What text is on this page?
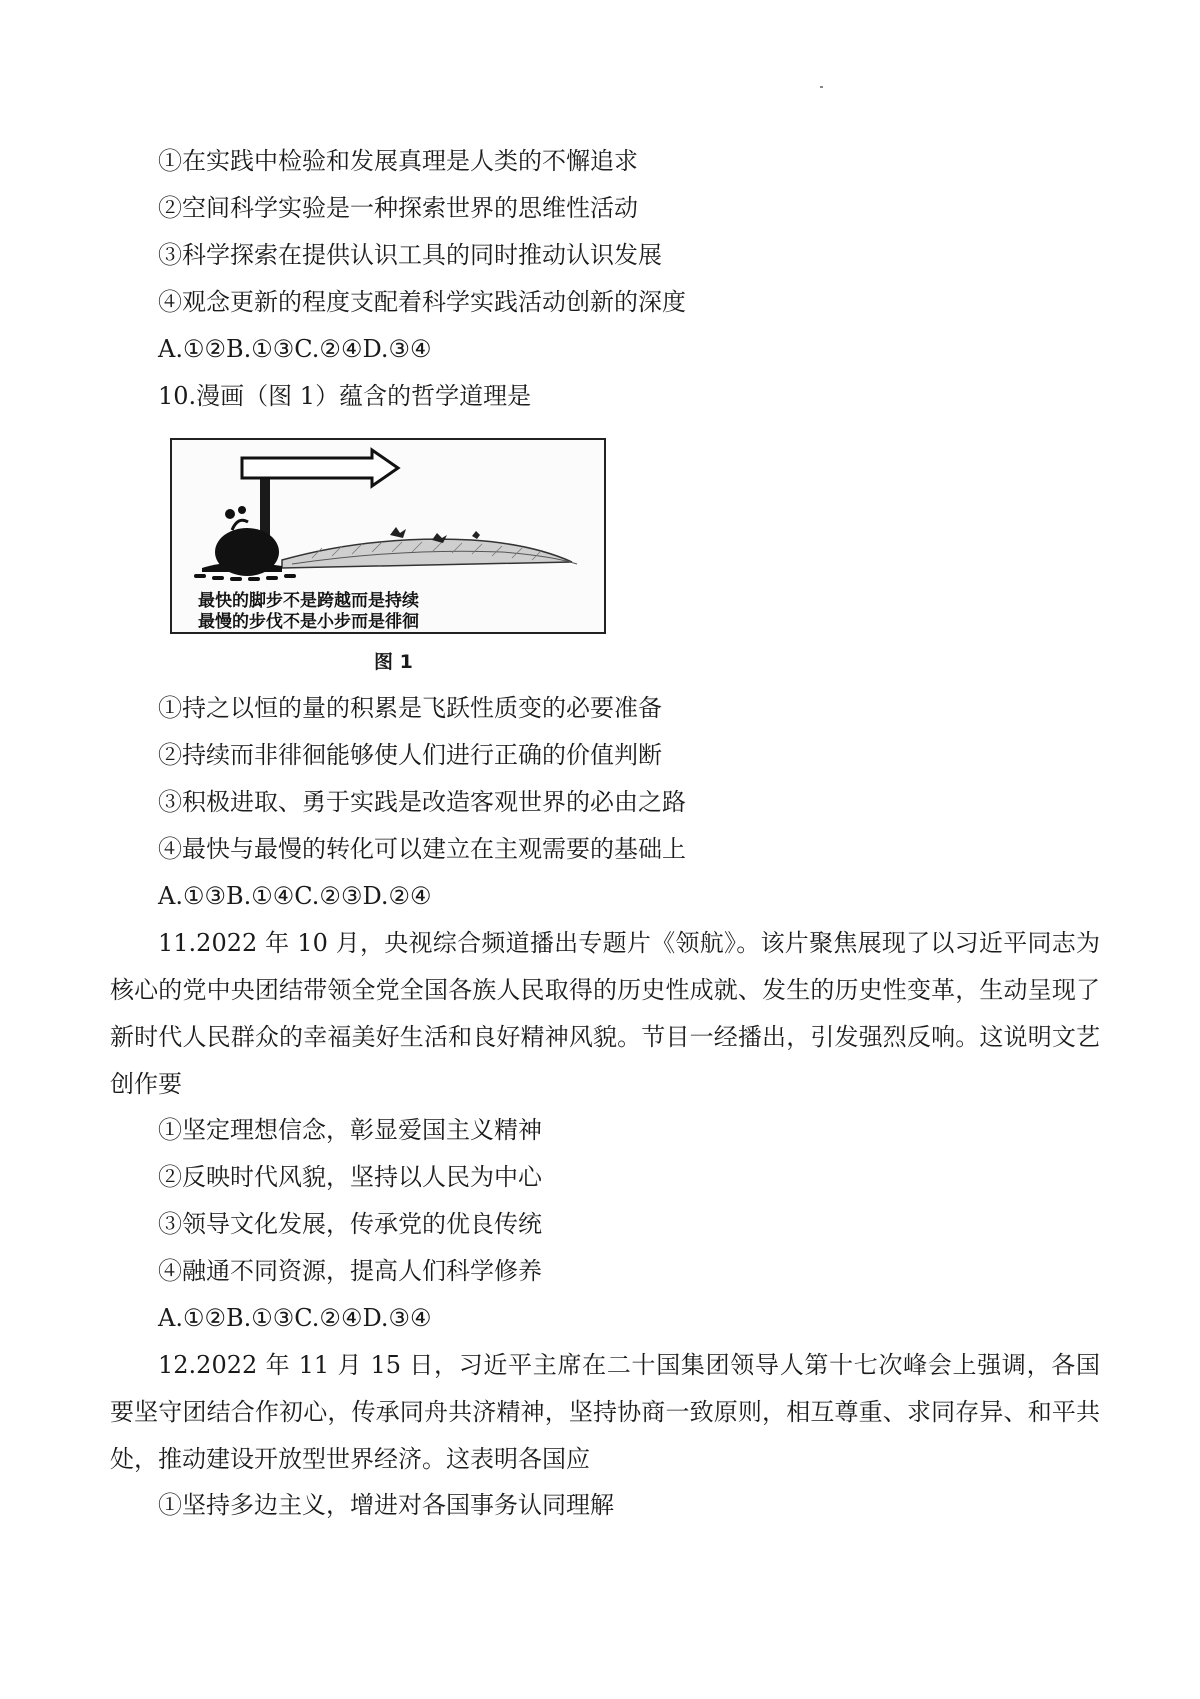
①在实践中检验和发展真理是人类的不懈追求

②空间科学实验是一种探索世界的思维性活动

③科学探索在提供认识工具的同时推动认识发展

④观念更新的程度支配着科学实践活动创新的深度

A.①②B.①③C.②④D.③④

10.漫画（图 1）蕴含的哲学道理是

最快的脚步不是跨越而是持续
最慢的步伐不是小步而是徘徊
图 1

①持之以恒的量的积累是飞跃性质变的必要准备

②持续而非徘徊能够使人们进行正确的价值判断

③积极进取、勇于实践是改造客观世界的必由之路

④最快与最慢的转化可以建立在主观需要的基础上

A.①③B.①④C.②③D.②④

11.2022 年 10 月，央视综合频道播出专题片《领航》。该片聚焦展现了以习近平同志为核心的党中央团结带领全党全国各族人民取得的历史性成就、发生的历史性变革，生动呈现了新时代人民群众的幸福美好生活和良好精神风貌。节目一经播出，引发强烈反响。这说明文艺创作要

①坚定理想信念，彰显爱国主义精神

②反映时代风貌，坚持以人民为中心

③领导文化发展，传承党的优良传统

④融通不同资源，提高人们科学修养

A.①②B.①③C.②④D.③④

12.2022 年 11 月 15 日，习近平主席在二十国集团领导人第十七次峰会上强调，各国要坚守团结合作初心，传承同舟共济精神，坚持协商一致原则，相互尊重、求同存异、和平共处，推动建设开放型世界经济。这表明各国应

①坚持多边主义，增进对各国事务认同理解
